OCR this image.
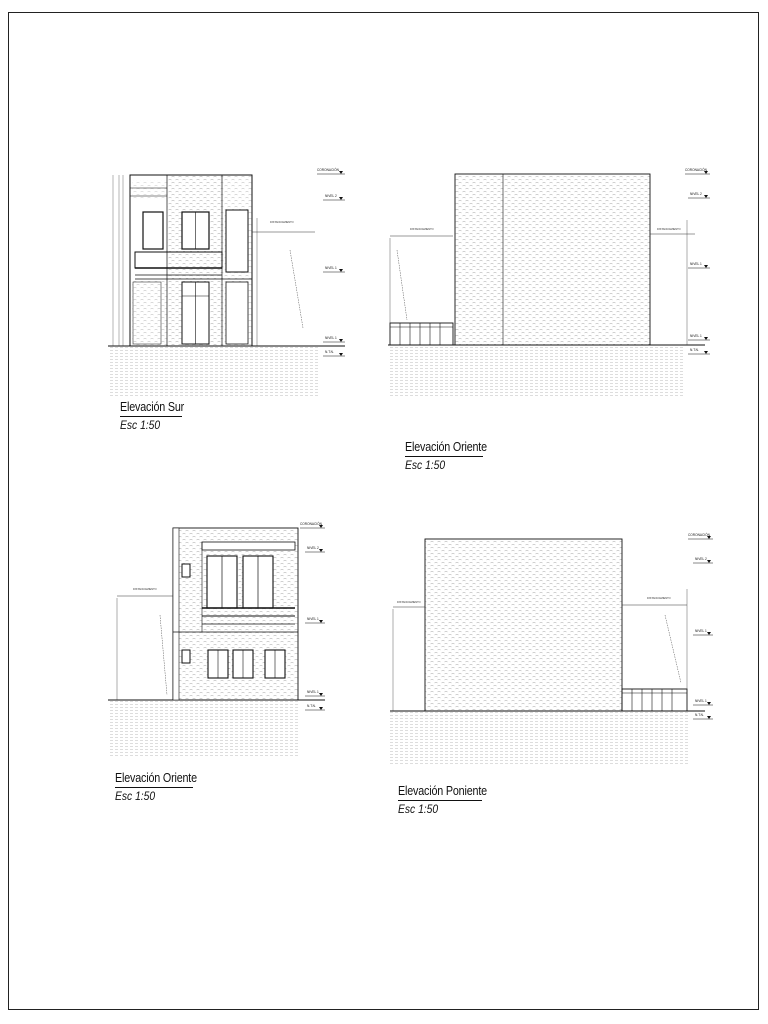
DISTANCIAMIENTO
CORONACIÓN
NIVEL 2
NIVEL 1
NIVEL 1
N.T.N.
Elevación Sur
Esc 1:50
DISTANCIAMIENTO	DISTANCIAMIENTO
CORONACIÓN
NIVEL 2
NIVEL 1
NIVEL 1
N.T.N.
Elevación Oriente
Esc 1:50
DISTANCIAMIENTO
CORONACIÓN
NIVEL 2
NIVEL 1
NIVEL 1
N.T.N.
Elevación Oriente
Esc 1:50
DISTANCIAMIENTO
DISTANCIAMIENTO
CORONACIÓN
NIVEL 2
NIVEL 1
NIVEL 1
N.T.N.
Elevación Poniente
Esc 1:50
